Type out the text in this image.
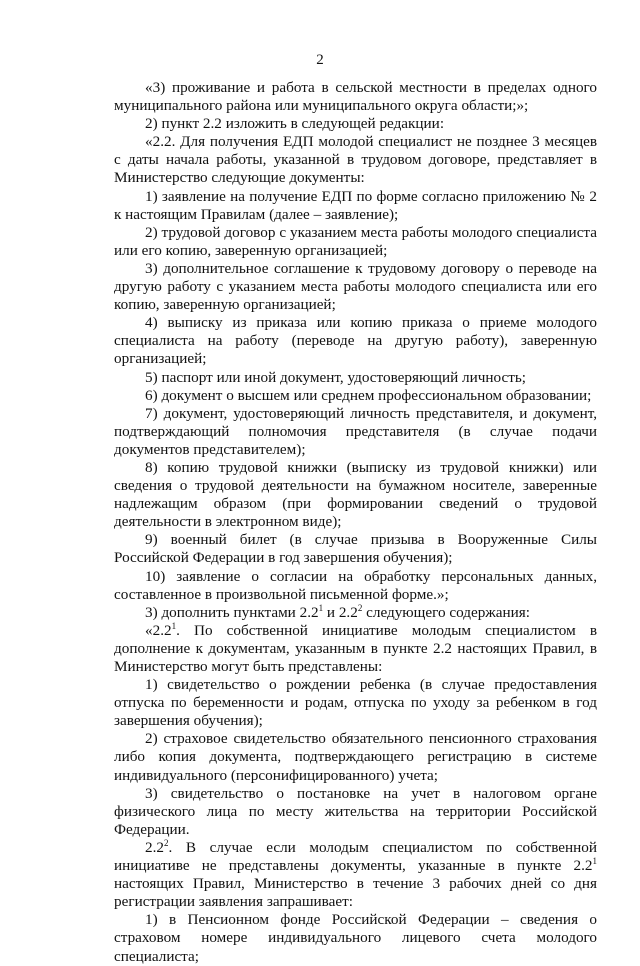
2

«3) проживание и работа в сельской местности в пределах одного муниципального района или муниципального округа области;»;

2) пункт 2.2 изложить в следующей редакции:

«2.2. Для получения ЕДП молодой специалист не позднее 3 месяцев с даты начала работы, указанной в трудовом договоре, представляет в Министерство следующие документы:

1) заявление на получение ЕДП по форме согласно приложению № 2 к настоящим Правилам (далее – заявление);

2) трудовой договор с указанием места работы молодого специалиста или его копию, заверенную организацией;

3) дополнительное соглашение к трудовому договору о переводе на другую работу с указанием места работы молодого специалиста или его копию, заверенную организацией;

4) выписку из приказа или копию приказа о приеме молодого специалиста на работу (переводе на другую работу), заверенную организацией;

5) паспорт или иной документ, удостоверяющий личность;

6) документ о высшем или среднем профессиональном образовании;

7) документ, удостоверяющий личность представителя, и документ, подтверждающий полномочия представителя (в случае подачи документов представителем);

8) копию трудовой книжки (выписку из трудовой книжки) или сведения о трудовой деятельности на бумажном носителе, заверенные надлежащим образом (при формировании сведений о трудовой деятельности в электронном виде);

9) военный билет (в случае призыва в Вооруженные Силы Российской Федерации в год завершения обучения);

10) заявление о согласии на обработку персональных данных, составленное в произвольной письменной форме.»;

3) дополнить пунктами $2.2^1$ и $2.2^2$ следующего содержания:

«$2.2^1$. По собственной инициативе молодым специалистом в дополнение к документам, указанным в пункте 2.2 настоящих Правил, в Министерство могут быть представлены:

1) свидетельство о рождении ребенка (в случае предоставления отпуска по беременности и родам, отпуска по уходу за ребенком в год завершения обучения);

2) страховое свидетельство обязательного пенсионного страхования либо копия документа, подтверждающего регистрацию в системе индивидуального (персонифицированного) учета;

3) свидетельство о постановке на учет в налоговом органе физического лица по месту жительства на территории Российской Федерации.

$2.2^2$. В случае если молодым специалистом по собственной инициативе не представлены документы, указанные в пункте $2.2^1$ настоящих Правил, Министерство в течение 3 рабочих дней со дня регистрации заявления запрашивает:

1) в Пенсионном фонде Российской Федерации – сведения о страховом номере индивидуального лицевого счета молодого специалиста;
